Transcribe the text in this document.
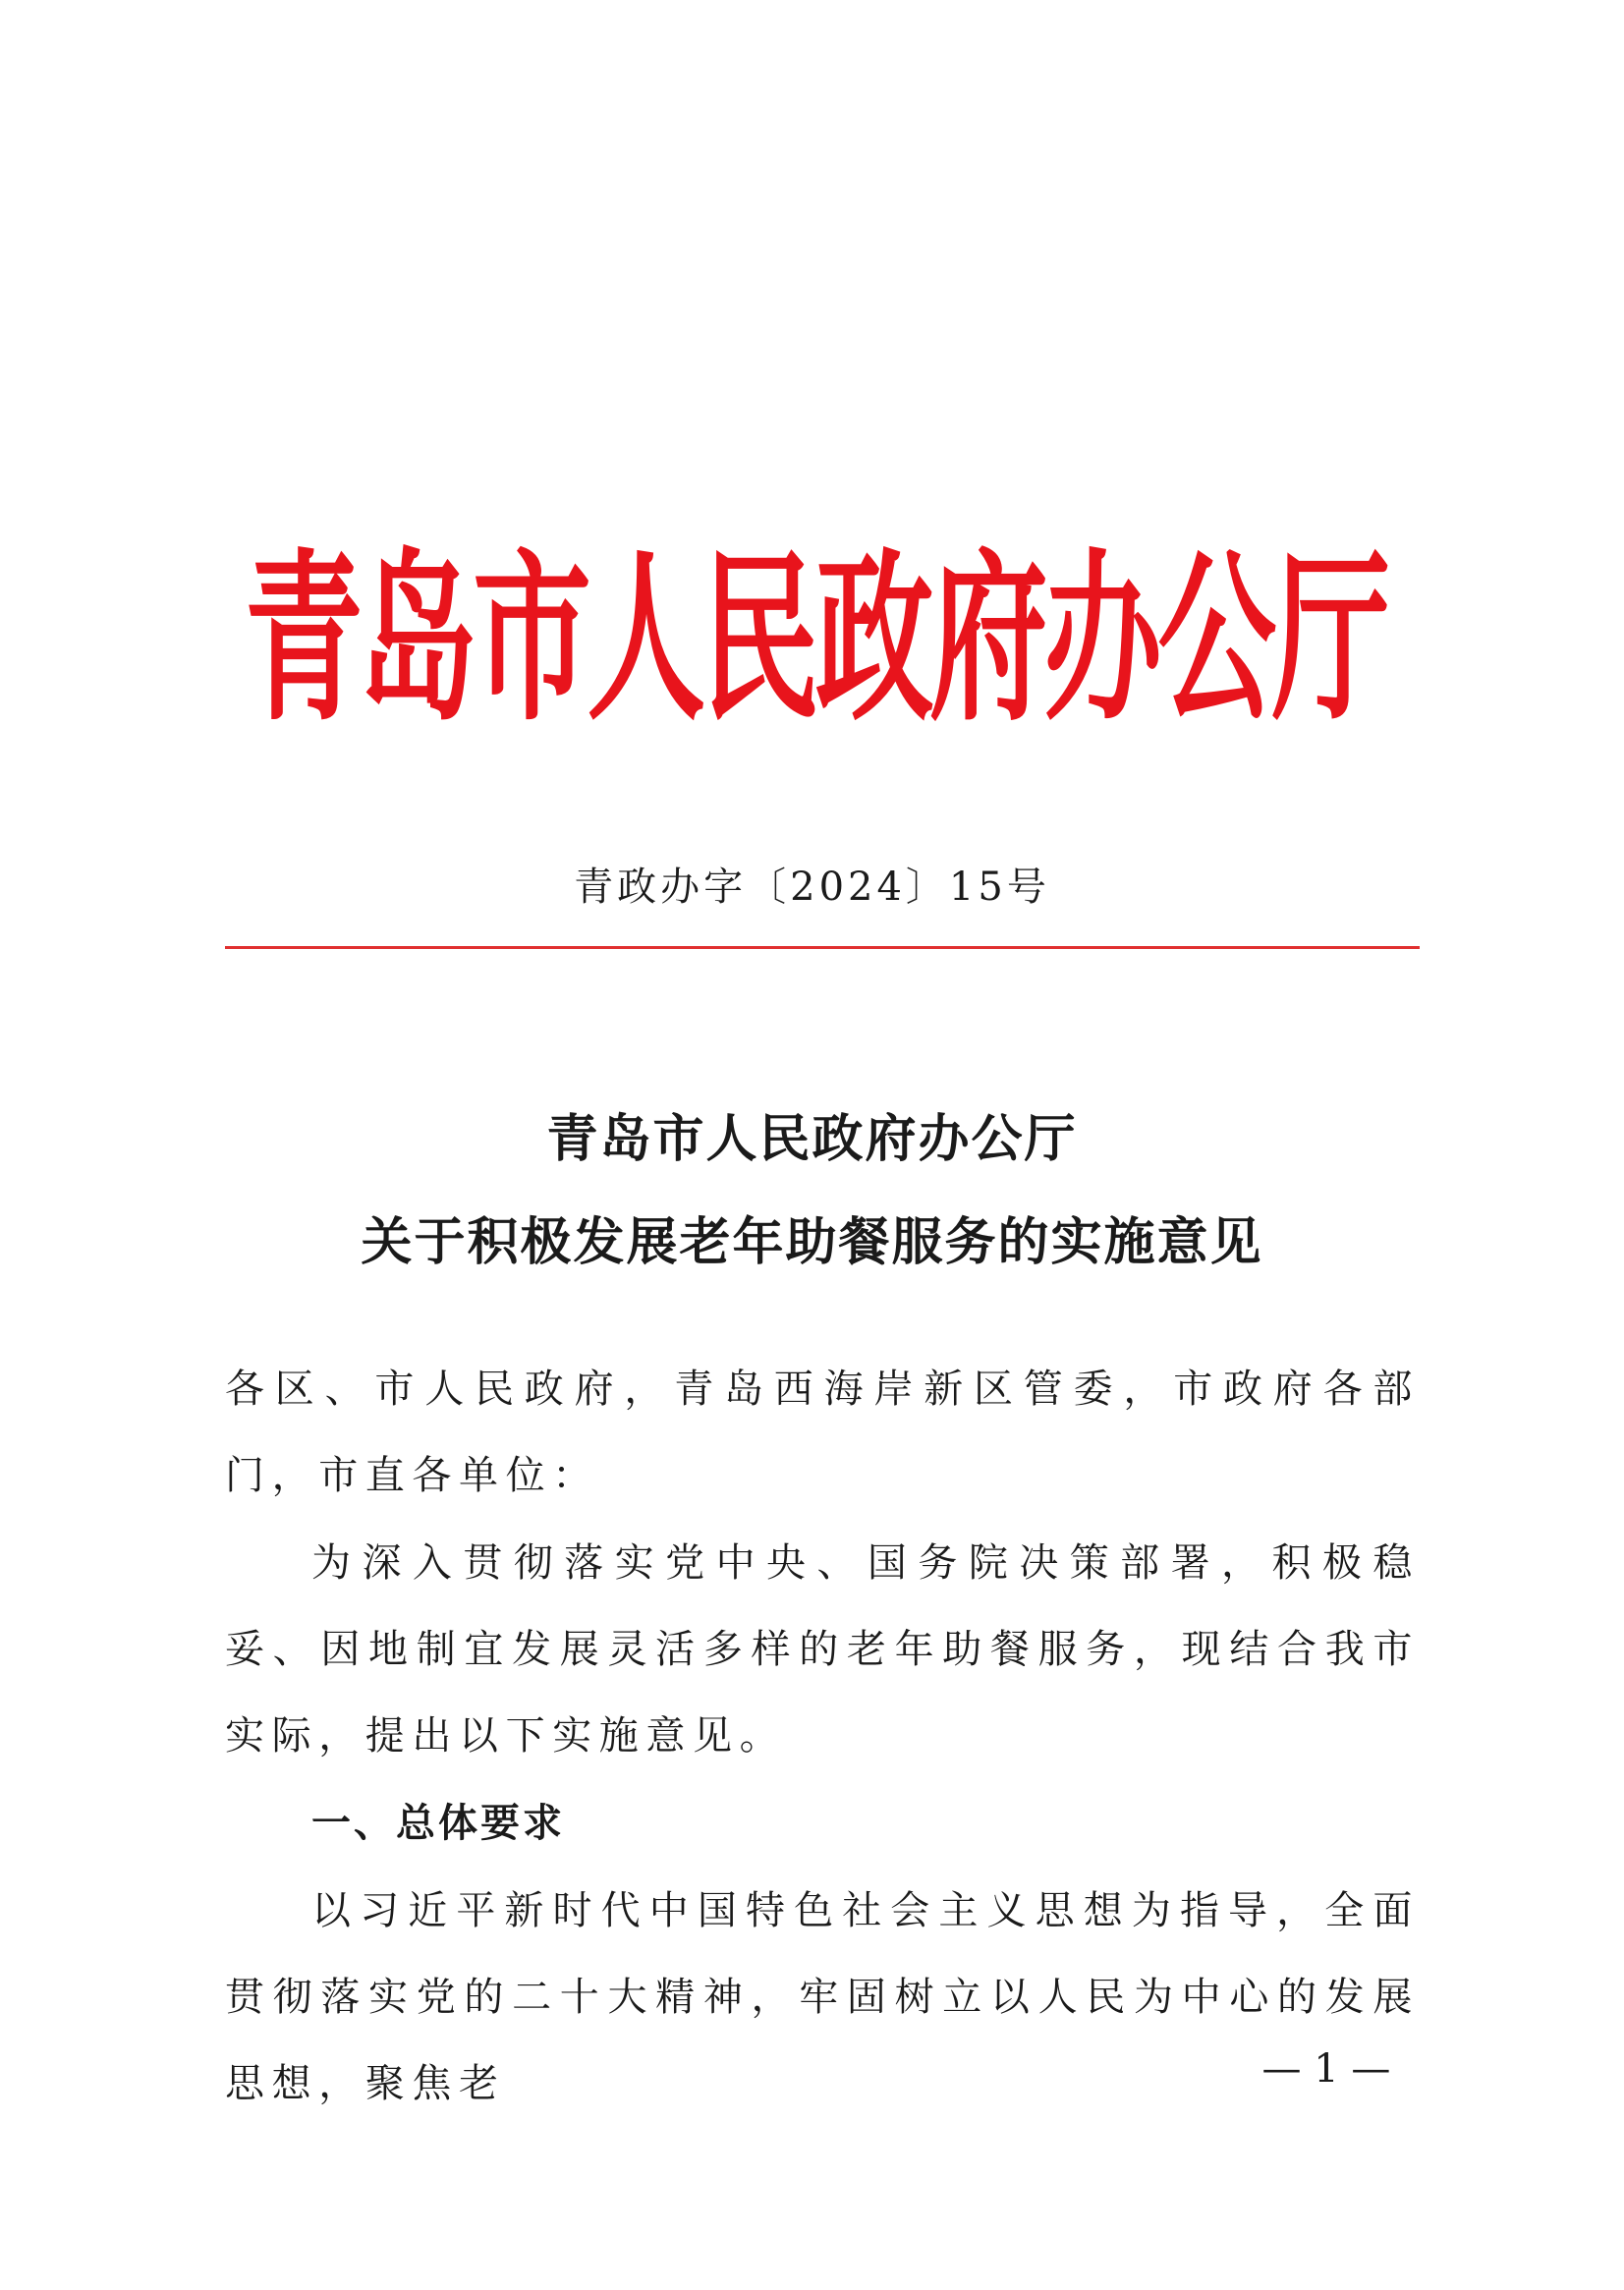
青岛市人民政府办公厅
青政办字〔2024〕15号
青岛市人民政府办公厅
关于积极发展老年助餐服务的实施意见
各区、市人民政府，青岛西海岸新区管委，市政府各部门，市直各单位：
为深入贯彻落实党中央、国务院决策部署，积极稳妥、因地制宜发展灵活多样的老年助餐服务，现结合我市实际，提出以下实施意见。
一、总体要求
以习近平新时代中国特色社会主义思想为指导，全面贯彻落实党的二十大精神，牢固树立以人民为中心的发展思想，聚焦老	— 1 —
